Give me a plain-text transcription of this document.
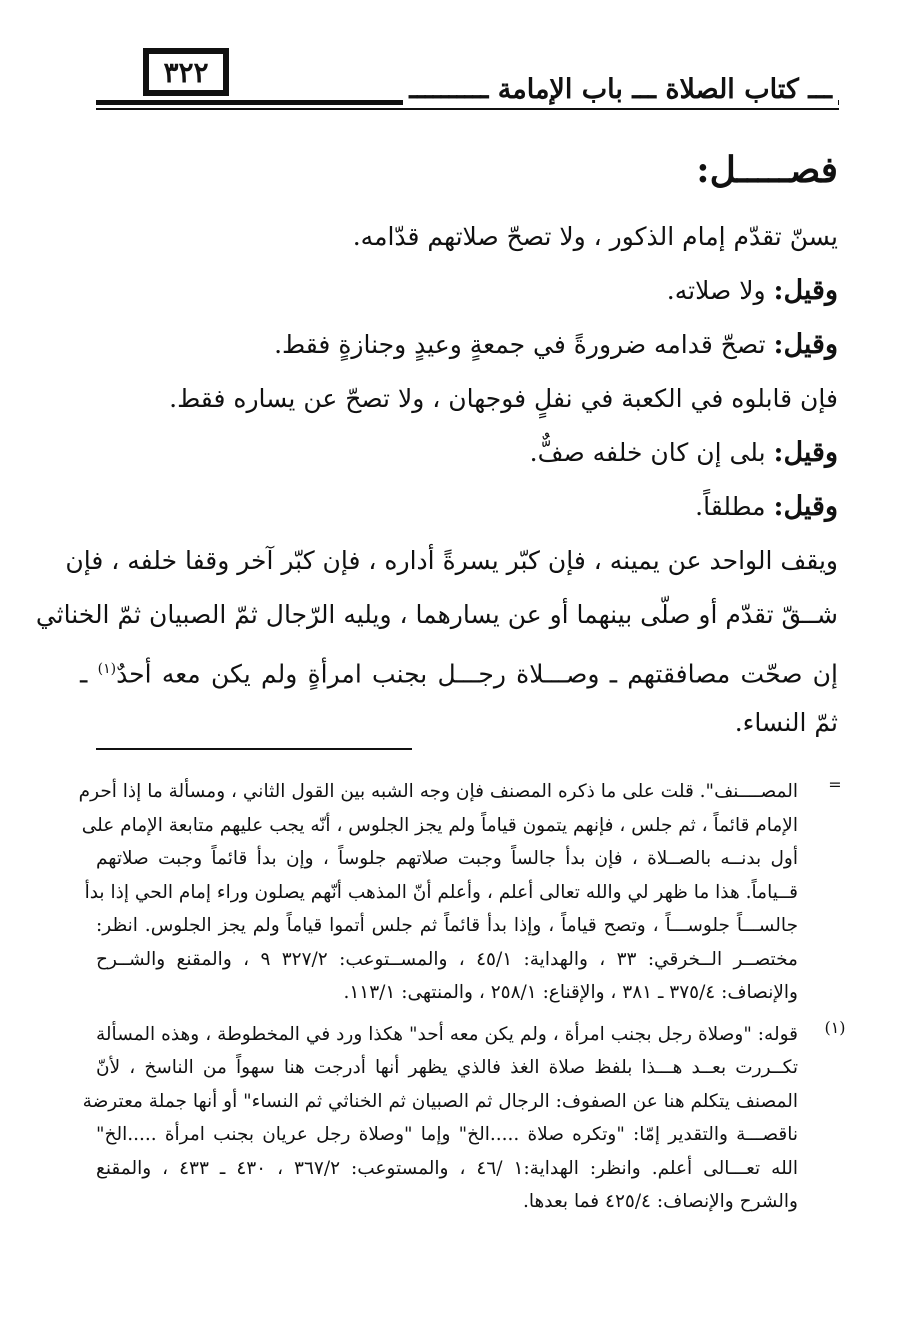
٣٢٢
ـــ كتاب الصلاة ـــ باب الإمامة ــــــــــ
فصـــــل:
يسنّ تقدّم إمام الذكور ، ولا تصحّ صلاتهم قدّامه.
وقيل: ولا صلاته.
وقيل: تصحّ قدامه ضرورةً في جمعةٍ وعيدٍ وجنازةٍ فقط.
فإن قابلوه في الكعبة في نفلٍ فوجهان ، ولا تصحّ عن يساره فقط.
وقيل: بلى إن كان خلفه صفٌّ.
وقيل: مطلقاً.
ويقف الواحد عن يمينه ، فإن كبّر يسرةً أداره ، فإن كبّر آخر وقفا خلفه ، فإن
شــقّ تقدّم أو صلّى بينهما أو عن يسارهما ، ويليه الرّجال ثمّ الصبيان ثمّ الخناثي
إن صحّت مصافقتهم ـ وصـــلاة رجـــل بجنب امرأةٍ ولم يكن معه أحدٌ$^{(١)}$ ـ
ثمّ النساء.
=
المصــــنف". قلت على ما ذكره المصنف فإن وجه الشبه بين القول الثاني ، ومسألة ما إذا أحرم
الإمام قائماً ، ثم جلس ، فإنهم يتمون قياماً ولم يجز الجلوس ، أنّه يجب عليهم متابعة الإمام على
أول بدنــه بالصــلاة ، فإن بدأ جالساً وجبت صلاتهم جلوساً ، وإن بدأ قائماً وجبت صلاتهم
قــياماً. هذا ما ظهر لي والله تعالى أعلم ، وأعلم أنّ المذهب أنّهم يصلون وراء إمام الحي إذا بدأ
جالســـاً جلوســـاً ، وتصح قياماً ، وإذا بدأ قائماً ثم جلس أتموا قياماً ولم يجز الجلوس. انظر:
مختصــر الــخرقي: ٣٣ ، والهداية: ٤٥/١ ، والمســتوعب: ٣٢٧/٢ ٩ ، والمقنع والشــرح
والإنصاف: ٣٧٥/٤ ـ ٣٨١ ، والإقناع: ٢٥٨/١ ، والمنتهى: ١١٣/١.
(١)
قوله: "وصلاة رجل بجنب امرأة ، ولم يكن معه أحد" هكذا ورد في المخطوطة ، وهذه المسألة
تكــررت بعــد هـــذا بلفظ صلاة الغذ فالذي يظهر أنها أدرجت هنا سهواً من الناسخ ، لأنّ
المصنف يتكلم هنا عن الصفوف: الرجال ثم الصبيان ثم الخناثي ثم النساء" أو أنها جملة معترضة
ناقصـــة والتقدير إمّا: "وتكره صلاة .....الخ" وإما "وصلاة رجل عريان بجنب امرأة .....الخ"
الله تعـــالى أعلم. وانظر: الهداية:١ /٤٦ ، والمستوعب: ٣٦٧/٢ ، ٤٣٠ ـ ٤٣٣ ، والمقنع
والشرح والإنصاف: ٤٢٥/٤ فما بعدها.
